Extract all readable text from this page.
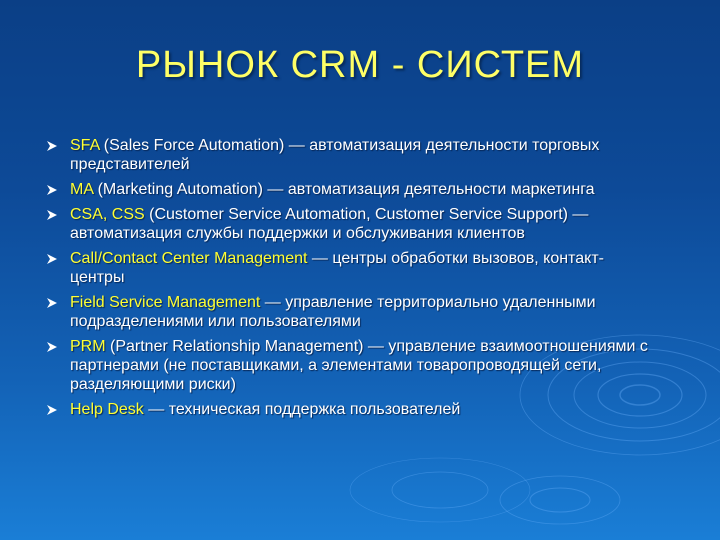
РЫНОК CRM - СИСТЕМ
SFA (Sales Force Automation) — автоматизация деятельности торговых представителей
MA (Marketing Automation) — автоматизация деятельности маркетинга
CSA, CSS (Customer Service Automation, Customer Service Support) — автоматизация службы поддержки и обслуживания клиентов
Call/Contact Center Management — центры обработки вызовов, контакт-центры
Field Service Management — управление территориально удаленными подразделениями или пользователями
PRM (Partner Relationship Management) — управление взаимоотношениями с партнерами (не поставщиками, а элементами товаропроводящей сети, разделяющими риски)
Help Desk — техническая поддержка пользователей
